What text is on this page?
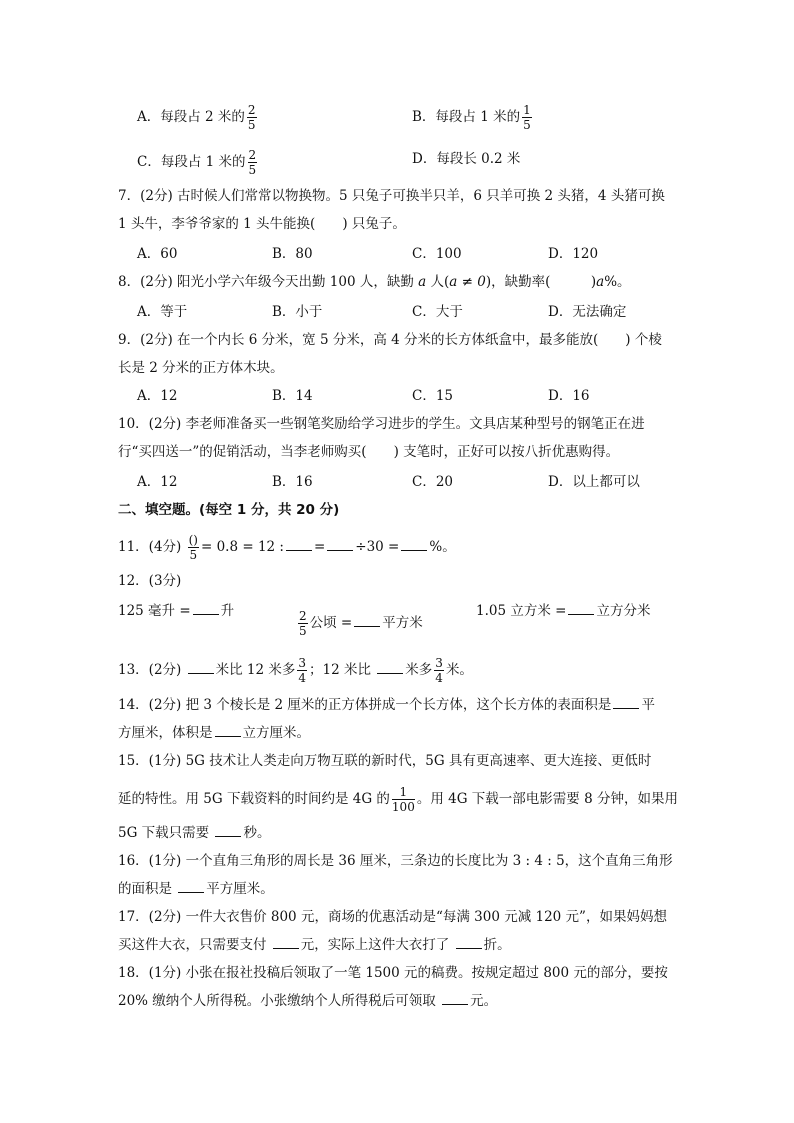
A．每段占 2 米的 $\frac{2}{5}$	B．每段占 1 米的 $\frac{1}{5}$
C．每段占 1 米的 $\frac{2}{5}$	D．每段长 0.2 米
7．(2分) 古时候人们常常以物换物。5 只兔子可换半只羊，6 只羊可换 2 头猪，4 头猪可换
1 头牛，李爷爷家的 1 头牛能换(　　) 只兔子。
A．60	B．80	C．100	D．120
8．(2分) 阳光小学六年级今天出勤 100 人，缺勤 a 人(a ≠ 0)，缺勤率(　　　)a%。
A．等于	B．小于	C．大于	D．无法确定
9．(2分) 在一个内长 6 分米，宽 5 分米，高 4 分米的长方体纸盒中，最多能放(　　) 个棱
长是 2 分米的正方体木块。
A．12	B．14	C．15	D．16
10．(2分) 李老师准备买一些钢笔奖励给学习进步的学生。文具店某种型号的钢笔正在进
行“买四送一”的促销活动，当李老师购买(　　) 支笔时，正好可以按八折优惠购得。
A．12	B．16	C．20	D．以上都可以
二、填空题。(每空 1 分，共 20 分)
11．(4分) $\frac{()}{5} = 0.8 = 12$ : = ÷30 = %。
12．(3分)
125 毫升 = 升	$\frac{2}{5}$ 公顷 = 平方米
1.05 立方米 = 立方分米
13．(2分)	米比 12 米多 $\frac{3}{4}$ ；12 米比	米多 $\frac{3}{4}$ 米。
14．(2分) 把 3 个棱长是 2 厘米的正方体拼成一个长方体，这个长方体的表面积是 平
方厘米，体积是 立方厘米。
15．(1分) 5G 技术让人类走向万物互联的新时代，5G 具有更高速率、更大连接、更低时
延的特性。用 5G 下载资料的时间约是 4G 的 $\frac{1}{100}$ 。用 4G 下载一部电影需要 8 分钟，如果用
5G 下载只需要	秒。
16．(1分) 一个直角三角形的周长是 36 厘米，三条边的长度比为 3 : 4 : 5，这个直角三角形
的面积是	平方厘米。
17．(2分) 一件大衣售价 800 元，商场的优惠活动是“每满 300 元减 120 元”，如果妈妈想
买这件大衣，只需要支付	元，实际上这件大衣打了	折。
18．(1分) 小张在报社投稿后领取了一笔 1500 元的稿费。按规定超过 800 元的部分，要按
20% 缴纳个人所得税。小张缴纳个人所得税后可领取	元。
